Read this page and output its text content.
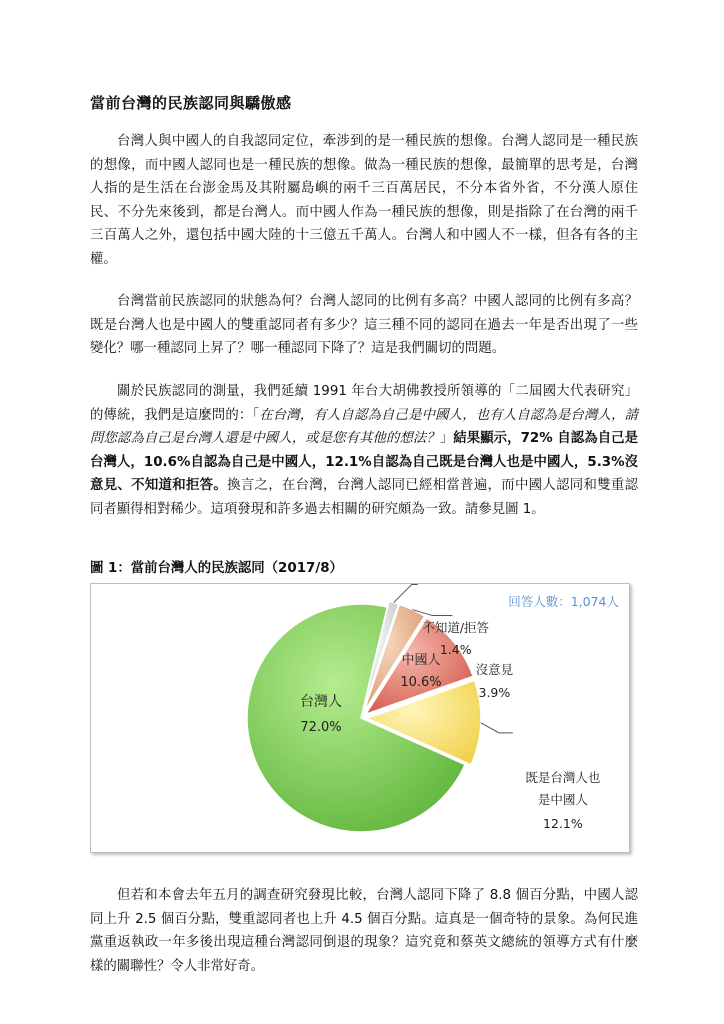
當前台灣的民族認同與驕傲感
台灣人與中國人的自我認同定位，牽涉到的是一種民族的想像。台灣人認同是一種民族的想像，而中國人認同也是一種民族的想像。做為一種民族的想像，最簡單的思考是，台灣人指的是生活在台澎金馬及其附屬島嶼的兩千三百萬居民，不分本省外省，不分漢人原住民、不分先來後到，都是台灣人。而中國人作為一種民族的想像，則是指除了在台灣的兩千三百萬人之外，還包括中國大陸的十三億五千萬人。台灣人和中國人不一樣，但各有各的主權。
台灣當前民族認同的狀態為何？台灣人認同的比例有多高？中國人認同的比例有多高？既是台灣人也是中國人的雙重認同者有多少？這三種不同的認同在過去一年是否出現了一些變化？哪一種認同上昇了？哪一種認同下降了？這是我們關切的問題。
關於民族認同的測量，我們延續 1991 年台大胡佛教授所領導的「二屆國大代表研究」的傳統，我們是這麼問的：「在台灣，有人自認為自己是中國人，也有人自認為是台灣人，請問您認為自己是台灣人還是中國人，或是您有其他的想法？」結果顯示，72% 自認為自己是台灣人，10.6%自認為自己是中國人，12.1%自認為自己既是台灣人也是中國人，5.3%沒意見、不知道和拒答。換言之，在台灣，台灣人認同已經相當普遍，而中國人認同和雙重認同者顯得相對稀少。這項發現和許多過去相關的研究頗為一致。請參見圖 1。
圖 1：當前台灣人的民族認同（2017/8）
台灣人
72.0%
中國人
10.6%
不知道/拒答
1.4%
沒意見
3.9%
既是台灣人也
是中國人
12.1%
回答人數：1,074人
但若和本會去年五月的調查研究發現比較，台灣人認同下降了 8.8 個百分點，中國人認同上升 2.5 個百分點，雙重認同者也上升 4.5 個百分點。這真是一個奇特的景象。為何民進黨重返執政一年多後出現這種台灣認同倒退的現象？這究竟和蔡英文總統的領導方式有什麼樣的關聯性？令人非常好奇。
